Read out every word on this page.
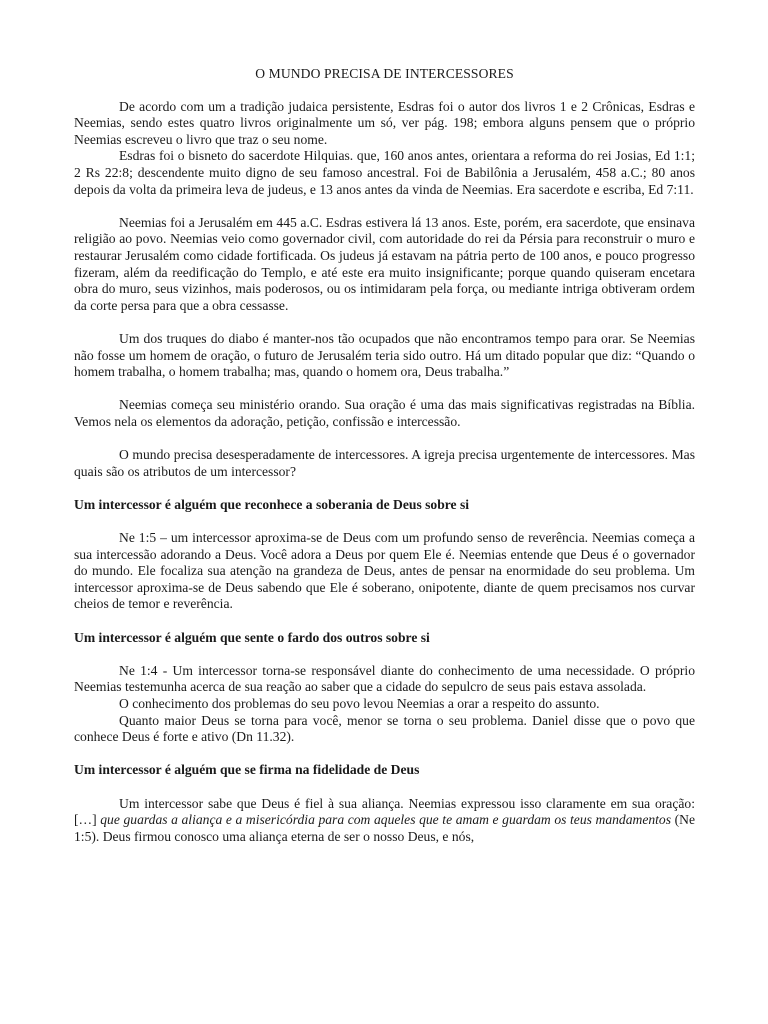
O MUNDO PRECISA DE INTERCESSORES

De acordo com um a tradição judaica persistente, Esdras foi o autor dos livros 1 e 2 Crônicas, Esdras e Neemias, sendo estes quatro livros originalmente um só, ver pág. 198; embora alguns pensem que o próprio Neemias escreveu o livro que traz o seu nome.

Esdras foi o bisneto do sacerdote Hilquias. que, 160 anos antes, orientara a reforma do rei Josias, Ed 1:1; 2 Rs 22:8; descendente muito digno de seu famoso ancestral. Foi de Babilônia a Jerusalém, 458 a.C.; 80 anos depois da volta da primeira leva de judeus, e 13 anos antes da vinda de Neemias. Era sacerdote e escriba, Ed 7:11.

Neemias foi a Jerusalém em 445 a.C. Esdras estivera lá 13 anos. Este, porém, era sacerdote, que ensinava religião ao povo. Neemias veio como governador civil, com autoridade do rei da Pérsia para reconstruir o muro e restaurar Jerusalém como cidade fortificada. Os judeus já estavam na pátria perto de 100 anos, e pouco progresso fizeram, além da reedificação do Templo, e até este era muito insignificante; porque quando quiseram encetara obra do muro, seus vizinhos, mais poderosos, ou os intimidaram pela força, ou mediante intriga obtiveram ordem da corte persa para que a obra cessasse.

Um dos truques do diabo é manter-nos tão ocupados que não encontramos tempo para orar. Se Neemias não fosse um homem de oração, o futuro de Jerusalém teria sido outro. Há um ditado popular que diz: “Quando o homem trabalha, o homem trabalha; mas, quando o homem ora, Deus trabalha.”

Neemias começa seu ministério orando. Sua oração é uma das mais significativas registradas na Bíblia. Vemos nela os elementos da adoração, petição, confissão e intercessão.

O mundo precisa desesperadamente de intercessores. A igreja precisa urgentemente de intercessores. Mas quais são os atributos de um intercessor?

Um intercessor é alguém que reconhece a soberania de Deus sobre si

Ne 1:5 – um intercessor aproxima-se de Deus com um profundo senso de reverência. Neemias começa a sua intercessão adorando a Deus. Você adora a Deus por quem Ele é. Neemias entende que Deus é o governador do mundo. Ele focaliza sua atenção na grandeza de Deus, antes de pensar na enormidade do seu problema. Um intercessor aproxima-se de Deus sabendo que Ele é soberano, onipotente, diante de quem precisamos nos curvar cheios de temor e reverência.

Um intercessor é alguém que sente o fardo dos outros sobre si

Ne 1:4 - Um intercessor torna-se responsável diante do conhecimento de uma necessidade. O próprio Neemias testemunha acerca de sua reação ao saber que a cidade do sepulcro de seus pais estava assolada.

O conhecimento dos problemas do seu povo levou Neemias a orar a respeito do assunto.

Quanto maior Deus se torna para você, menor se torna o seu problema. Daniel disse que o povo que conhece Deus é forte e ativo (Dn 11.32).

Um intercessor é alguém que se firma na fidelidade de Deus

Um intercessor sabe que Deus é fiel à sua aliança. Neemias expressou isso claramente em sua oração: […] que guardas a aliança e a misericórdia para com aqueles que te amam e guardam os teus mandamentos (Ne 1:5). Deus firmou conosco uma aliança eterna de ser o nosso Deus, e nós,
